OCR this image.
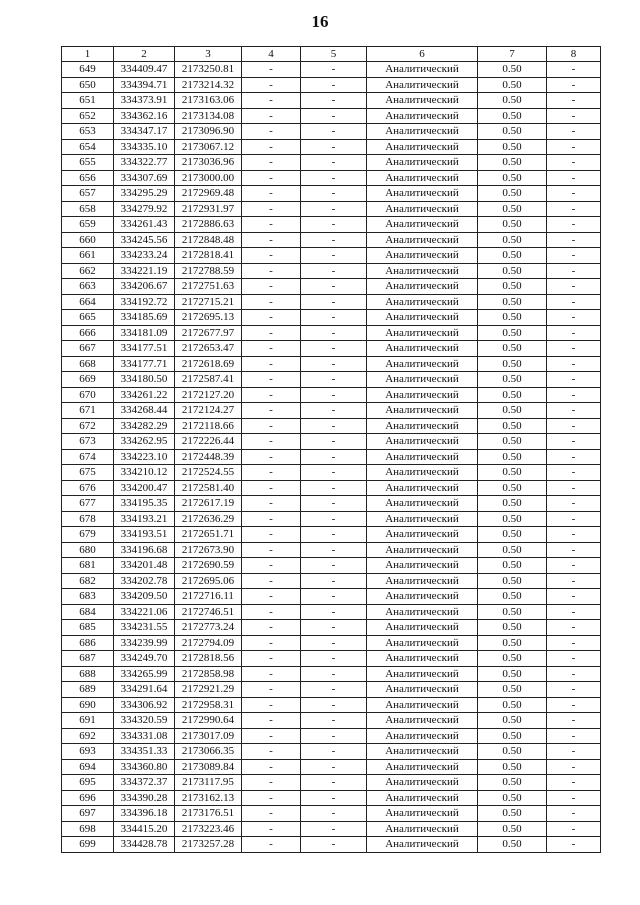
16
1	2	3	4	5	6	7	8
649	334409.47	2173250.81	-	-	Аналитический	0.50	-
650	334394.71	2173214.32	-	-	Аналитический	0.50	-
651	334373.91	2173163.06	-	-	Аналитический	0.50	-
652	334362.16	2173134.08	-	-	Аналитический	0.50	-
653	334347.17	2173096.90	-	-	Аналитический	0.50	-
654	334335.10	2173067.12	-	-	Аналитический	0.50	-
655	334322.77	2173036.96	-	-	Аналитический	0.50	-
656	334307.69	2173000.00	-	-	Аналитический	0.50	-
657	334295.29	2172969.48	-	-	Аналитический	0.50	-
658	334279.92	2172931.97	-	-	Аналитический	0.50	-
659	334261.43	2172886.63	-	-	Аналитический	0.50	-
660	334245.56	2172848.48	-	-	Аналитический	0.50	-
661	334233.24	2172818.41	-	-	Аналитический	0.50	-
662	334221.19	2172788.59	-	-	Аналитический	0.50	-
663	334206.67	2172751.63	-	-	Аналитический	0.50	-
664	334192.72	2172715.21	-	-	Аналитический	0.50	-
665	334185.69	2172695.13	-	-	Аналитический	0.50	-
666	334181.09	2172677.97	-	-	Аналитический	0.50	-
667	334177.51	2172653.47	-	-	Аналитический	0.50	-
668	334177.71	2172618.69	-	-	Аналитический	0.50	-
669	334180.50	2172587.41	-	-	Аналитический	0.50	-
670	334261.22	2172127.20	-	-	Аналитический	0.50	-
671	334268.44	2172124.27	-	-	Аналитический	0.50	-
672	334282.29	2172118.66	-	-	Аналитический	0.50	-
673	334262.95	2172226.44	-	-	Аналитический	0.50	-
674	334223.10	2172448.39	-	-	Аналитический	0.50	-
675	334210.12	2172524.55	-	-	Аналитический	0.50	-
676	334200.47	2172581.40	-	-	Аналитический	0.50	-
677	334195.35	2172617.19	-	-	Аналитический	0.50	-
678	334193.21	2172636.29	-	-	Аналитический	0.50	-
679	334193.51	2172651.71	-	-	Аналитический	0.50	-
680	334196.68	2172673.90	-	-	Аналитический	0.50	-
681	334201.48	2172690.59	-	-	Аналитический	0.50	-
682	334202.78	2172695.06	-	-	Аналитический	0.50	-
683	334209.50	2172716.11	-	-	Аналитический	0.50	-
684	334221.06	2172746.51	-	-	Аналитический	0.50	-
685	334231.55	2172773.24	-	-	Аналитический	0.50	-
686	334239.99	2172794.09	-	-	Аналитический	0.50	-
687	334249.70	2172818.56	-	-	Аналитический	0.50	-
688	334265.99	2172858.98	-	-	Аналитический	0.50	-
689	334291.64	2172921.29	-	-	Аналитический	0.50	-
690	334306.92	2172958.31	-	-	Аналитический	0.50	-
691	334320.59	2172990.64	-	-	Аналитический	0.50	-
692	334331.08	2173017.09	-	-	Аналитический	0.50	-
693	334351.33	2173066.35	-	-	Аналитический	0.50	-
694	334360.80	2173089.84	-	-	Аналитический	0.50	-
695	334372.37	2173117.95	-	-	Аналитический	0.50	-
696	334390.28	2173162.13	-	-	Аналитический	0.50	-
697	334396.18	2173176.51	-	-	Аналитический	0.50	-
698	334415.20	2173223.46	-	-	Аналитический	0.50	-
699	334428.78	2173257.28	-	-	Аналитический	0.50	-
